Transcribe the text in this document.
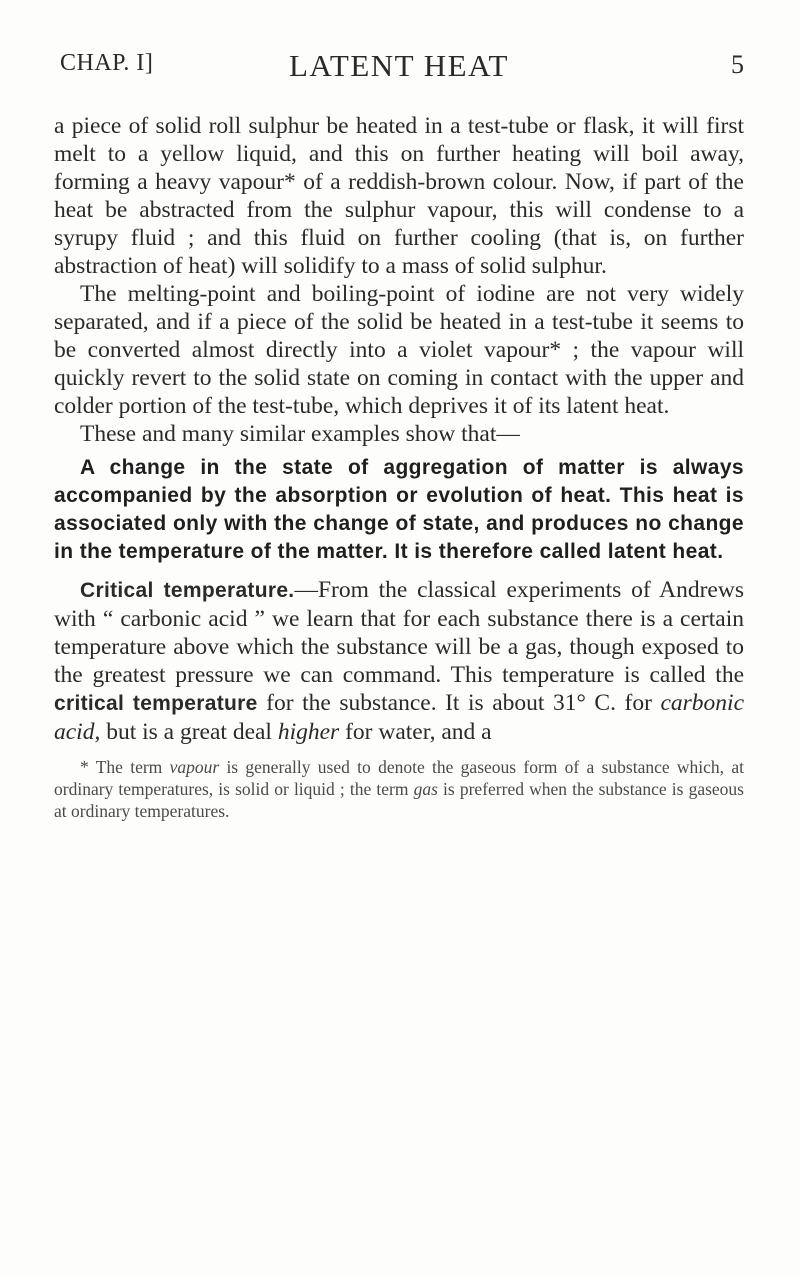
CHAP. I]	LATENT HEAT	5

a piece of solid roll sulphur be heated in a test-tube or flask, it will first melt to a yellow liquid, and this on further heating will boil away, forming a heavy vapour* of a reddish-brown colour. Now, if part of the heat be abstracted from the sulphur vapour, this will condense to a syrupy fluid ; and this fluid on further cooling (that is, on further abstraction of heat) will solidify to a mass of solid sulphur.

The melting-point and boiling-point of iodine are not very widely separated, and if a piece of the solid be heated in a test-tube it seems to be converted almost directly into a violet vapour* ; the vapour will quickly revert to the solid state on coming in contact with the upper and colder portion of the test-tube, which deprives it of its latent heat.

These and many similar examples show that—

A change in the state of aggregation of matter is always accompanied by the absorption or evolution of heat. This heat is associated only with the change of state, and produces no change in the temperature of the matter. It is therefore called latent heat.

Critical temperature.—From the classical experiments of Andrews with “ carbonic acid ” we learn that for each substance there is a certain temperature above which the substance will be a gas, though exposed to the greatest pressure we can command. This temperature is called the critical temperature for the substance. It is about 31° C. for carbonic acid, but is a great deal higher for water, and a

* The term vapour is generally used to denote the gaseous form of a substance which, at ordinary temperatures, is solid or liquid ; the term gas is preferred when the substance is gaseous at ordinary temperatures.
